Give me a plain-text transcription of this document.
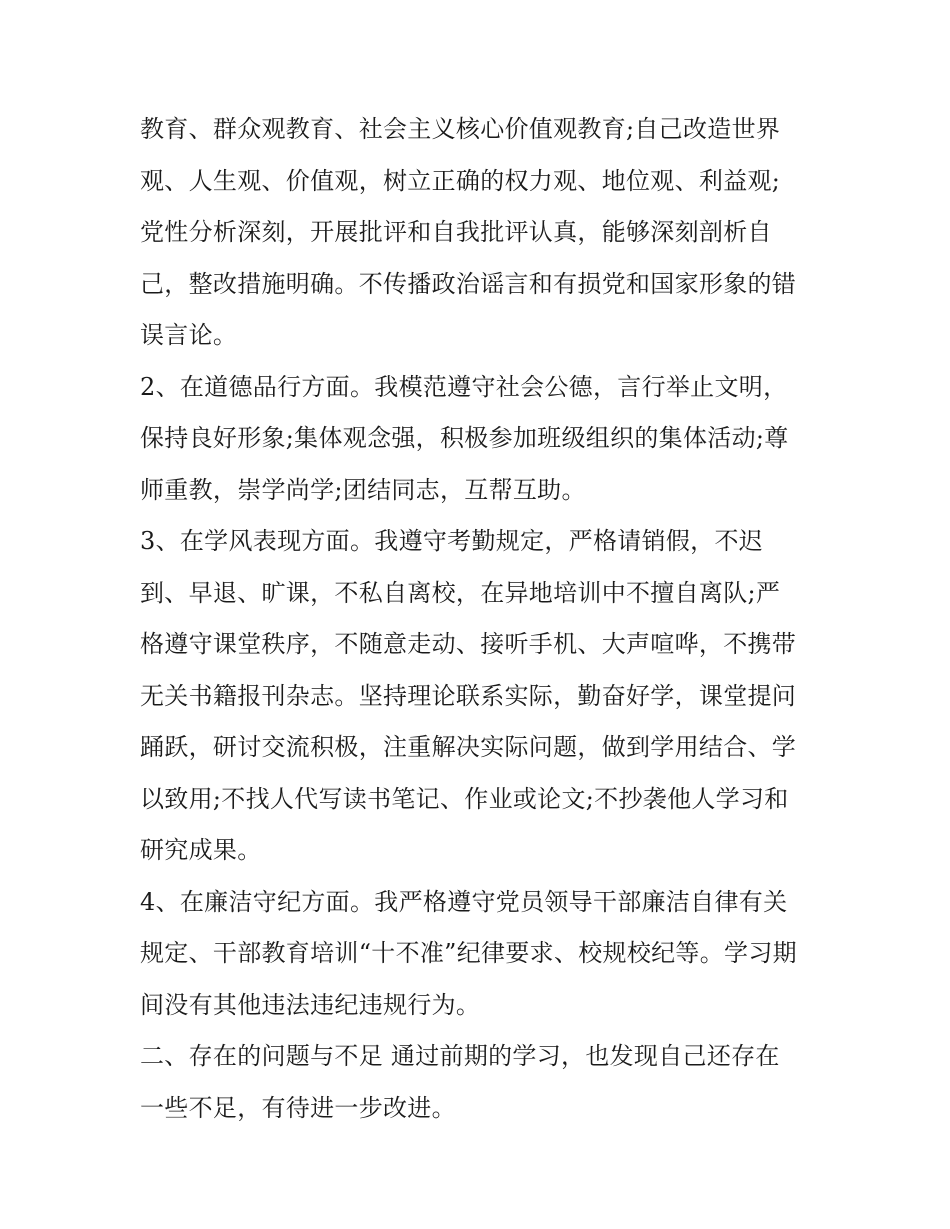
教育、群众观教育、社会主义核心价值观教育;自己改造世界
观、人生观、价值观，树立正确的权力观、地位观、利益观;
党性分析深刻，开展批评和自我批评认真，能够深刻剖析自
己，整改措施明确。不传播政治谣言和有损党和国家形象的错
误言论。

2、在道德品行方面。我模范遵守社会公德，言行举止文明，
保持良好形象;集体观念强，积极参加班级组织的集体活动;尊
师重教，崇学尚学;团结同志，互帮互助。

3、在学风表现方面。我遵守考勤规定，严格请销假，不迟
到、早退、旷课，不私自离校，在异地培训中不擅自离队;严
格遵守课堂秩序，不随意走动、接听手机、大声喧哗，不携带
无关书籍报刊杂志。坚持理论联系实际，勤奋好学，课堂提问
踊跃，研讨交流积极，注重解决实际问题，做到学用结合、学
以致用;不找人代写读书笔记、作业或论文;不抄袭他人学习和
研究成果。

4、在廉洁守纪方面。我严格遵守党员领导干部廉洁自律有关
规定、干部教育培训“十不准”纪律要求、校规校纪等。学习期
间没有其他违法违纪违规行为。

二、存在的问题与不足 通过前期的学习，也发现自己还存在
一些不足，有待进一步改进。
